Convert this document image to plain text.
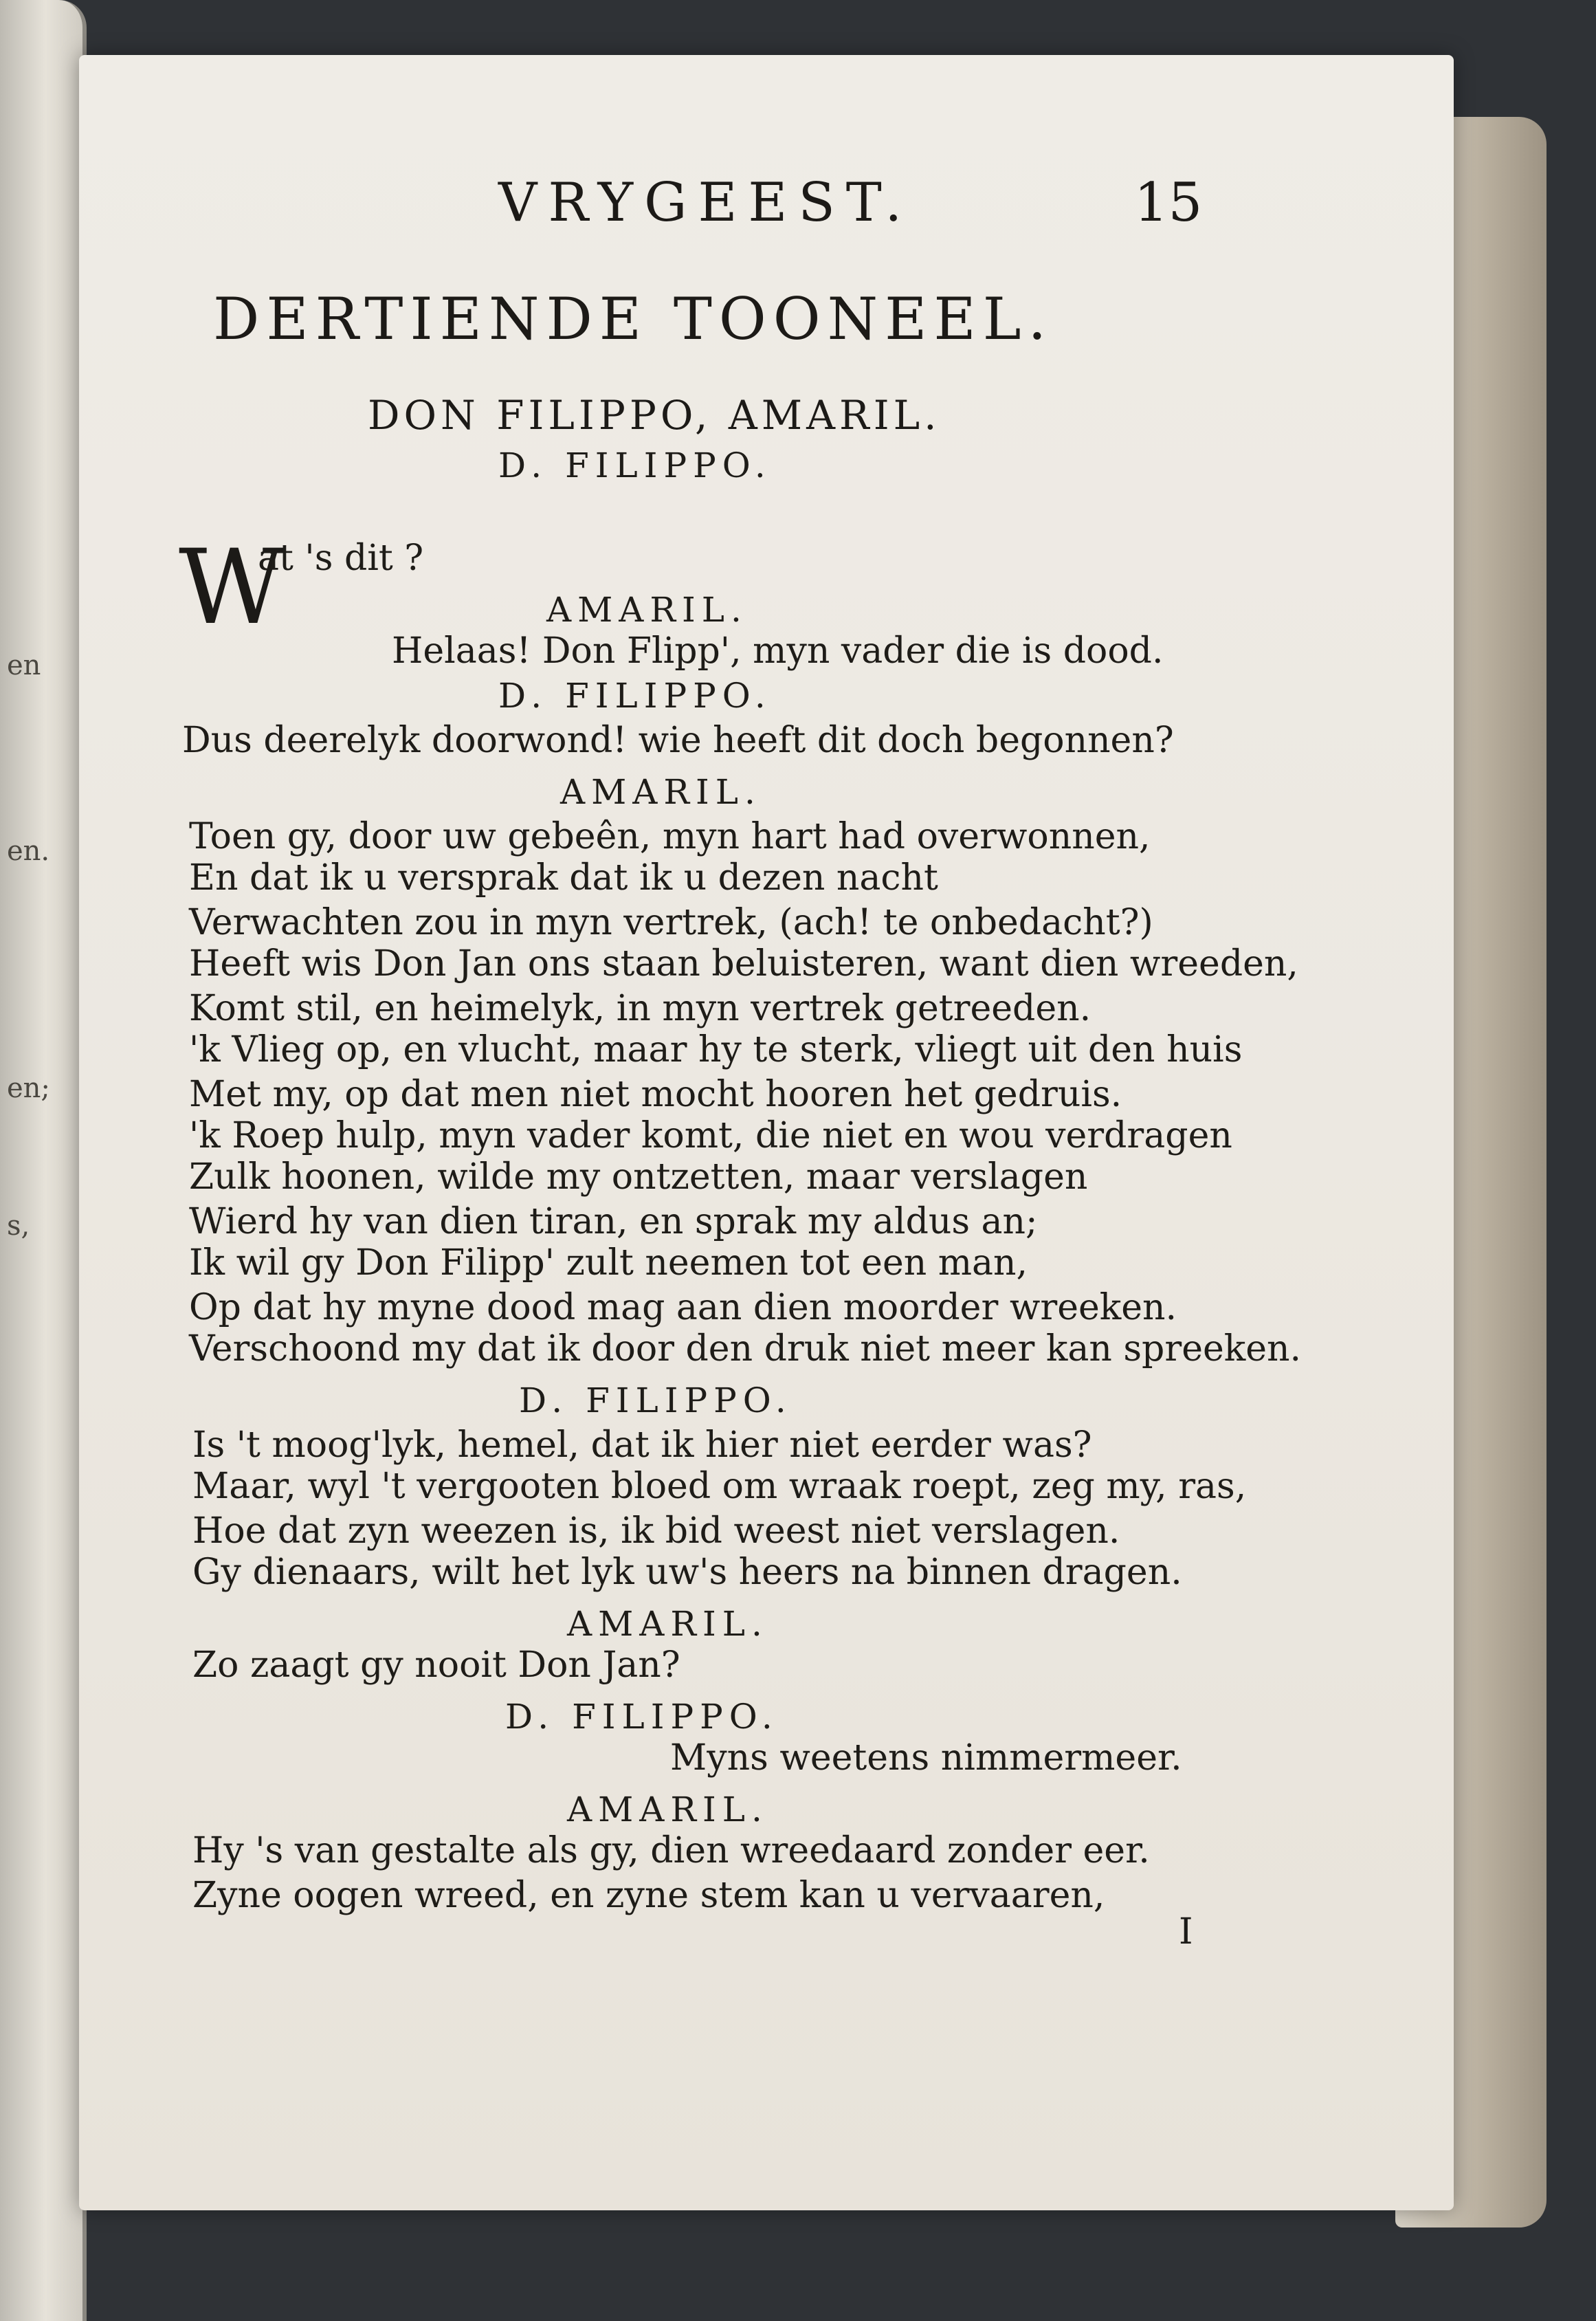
en
en.
en;
s,
VRYGEEST.	15
DERTIENDE TOONEEL.
DON FILIPPO, AMARIL.
W
D. FILIPPO.
at 's dit ?
AMARIL.
Helaas! Don Flipp', myn vader die is dood.
D. FILIPPO.
Dus deerelyk doorwond! wie heeft dit doch begonnen?
AMARIL.
Toen gy, door uw gebeên, myn hart had overwonnen,
En dat ik u versprak dat ik u dezen nacht
Verwachten zou in myn vertrek, (ach! te onbedacht?)
Heeft wis Don Jan ons staan beluisteren, want dien wreeden,
Komt stil, en heimelyk, in myn vertrek getreeden.
'k Vlieg op, en vlucht, maar hy te sterk, vliegt uit den huis
Met my, op dat men niet mocht hooren het gedruis.
'k Roep hulp, myn vader komt, die niet en wou verdragen
Zulk hoonen, wilde my ontzetten, maar verslagen
Wierd hy van dien tiran, en sprak my aldus an;
Ik wil gy Don Filipp' zult neemen tot een man,
Op dat hy myne dood mag aan dien moorder wreeken.
Verschoond my dat ik door den druk niet meer kan spreeken.
D. FILIPPO.
Is 't moog'lyk, hemel, dat ik hier niet eerder was?
Maar, wyl 't vergooten bloed om wraak roept, zeg my, ras,
Hoe dat zyn weezen is, ik bid weest niet verslagen.
Gy dienaars, wilt het lyk uw's heers na binnen dragen.
AMARIL.
Zo zaagt gy nooit Don Jan?
D. FILIPPO.
Myns weetens nimmermeer.
AMARIL.
Hy 's van gestalte als gy, dien wreedaard zonder eer.
Zyne oogen wreed, en zyne stem kan u vervaaren,
I
